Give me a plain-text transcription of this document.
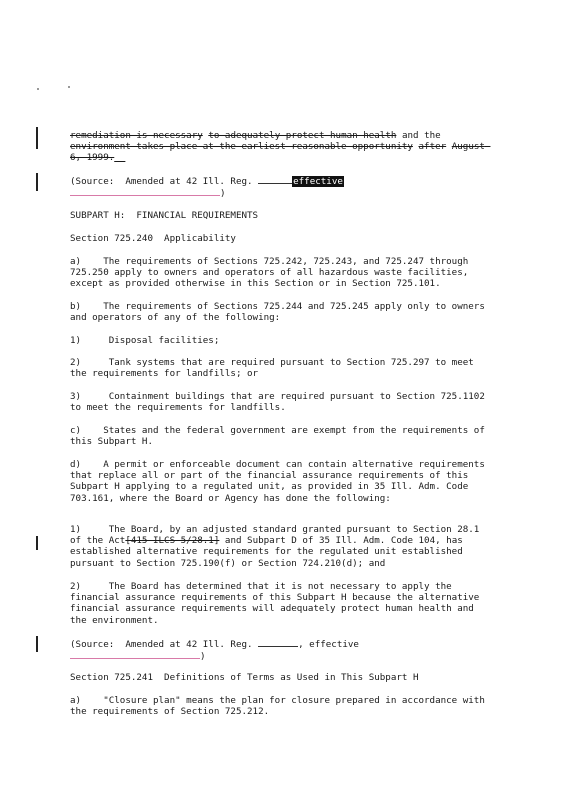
remediation is necessary to adequately protect human health and the environment takes place at the earliest reasonable opportunity after August 6, 1999.__
(Source:  Amended at 42 Ill. Reg.	effective
)
SUBPART H:  FINANCIAL REQUIREMENTS
Section 725.240  Applicability
a)    The requirements of Sections 725.242, 725.243, and 725.247 through 725.250 apply to owners and operators of all hazardous waste facilities, except as provided otherwise in this Section or in Section 725.101.
b)    The requirements of Sections 725.244 and 725.245 apply only to owners and operators of any of the following:
1)     Disposal facilities;
2)     Tank systems that are required pursuant to Section 725.297 to meet the requirements for landfills; or
3)     Containment buildings that are required pursuant to Section 725.1102 to meet the requirements for landfills.
c)    States and the federal government are exempt from the requirements of this Subpart H.
d)    A permit or enforceable document can contain alternative requirements that replace all or part of the financial assurance requirements of this Subpart H applying to a regulated unit, as provided in 35 Ill. Adm. Code 703.161, where the Board or Agency has done the following:
1)     The Board, by an adjusted standard granted pursuant to Section 28.1 of the Act[415 ILCS 5/28.1] and Subpart D of 35 Ill. Adm. Code 104, has established alternative requirements for the regulated unit established pursuant to Section 725.190(f) or Section 724.210(d); and
2)     The Board has determined that it is not necessary to apply the financial assurance requirements of this Subpart H because the alternative financial assurance requirements will adequately protect human health and the environment.
(Source:  Amended at 42 Ill. Reg.	, effective
)
Section 725.241  Definitions of Terms as Used in This Subpart H
a)    "Closure plan" means the plan for closure prepared in accordance with the requirements of Section 725.212.
